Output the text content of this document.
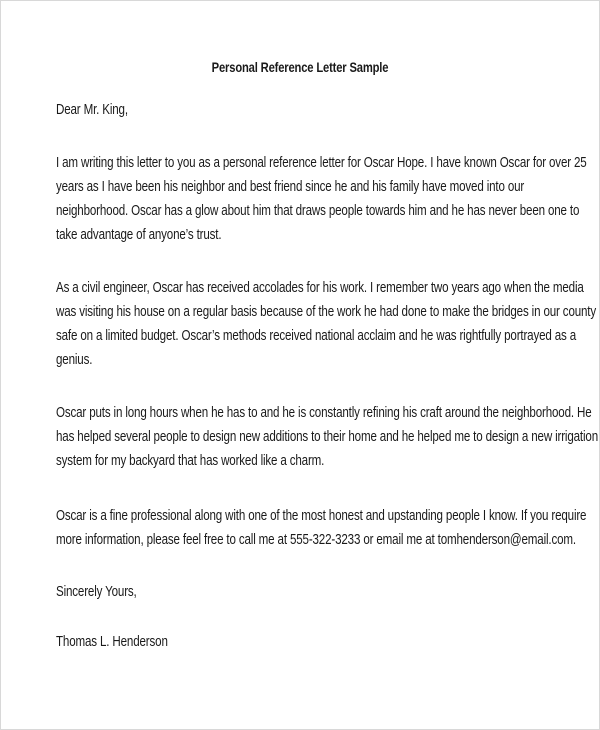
Personal Reference Letter Sample
Dear Mr. King,
I am writing this letter to you as a personal reference letter for Oscar Hope. I have known Oscar for over 25
years as I have been his neighbor and best friend since he and his family have moved into our
neighborhood. Oscar has a glow about him that draws people towards him and he has never been one to
take advantage of anyone’s trust.
As a civil engineer, Oscar has received accolades for his work. I remember two years ago when the media
was visiting his house on a regular basis because of the work he had done to make the bridges in our county
safe on a limited budget. Oscar’s methods received national acclaim and he was rightfully portrayed as a
genius.
Oscar puts in long hours when he has to and he is constantly refining his craft around the neighborhood. He
has helped several people to design new additions to their home and he helped me to design a new irrigation
system for my backyard that has worked like a charm.
Oscar is a fine professional along with one of the most honest and upstanding people I know. If you require
more information, please feel free to call me at 555-322-3233 or email me at tomhenderson@email.com.
Sincerely Yours,
Thomas L. Henderson
